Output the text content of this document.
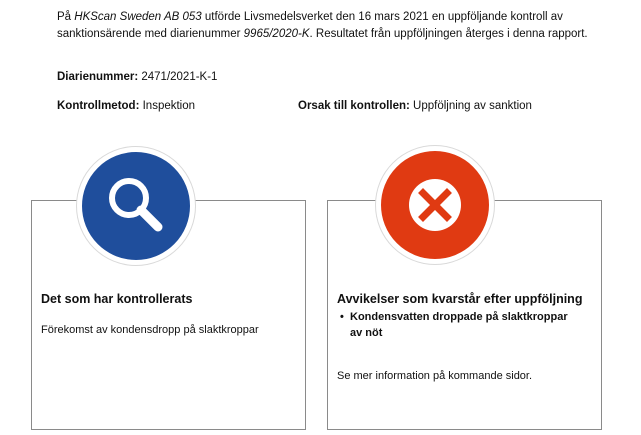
På HKScan Sweden AB 053 utförde Livsmedelsverket den 16 mars 2021 en uppföljande kontroll av sanktionsärende med diarienummer 9965/2020-K. Resultatet från uppföljningen återges i denna rapport.
Diarienummer: 2471/2021-K-1
Kontrollmetod: Inspektion	Orsak till kontrollen: Uppföljning av sanktion
Det som har kontrollerats
Förekomst av kondensdropp på slaktkroppar
Avvikelser som kvarstår efter uppföljning
• Kondensvatten droppade på slaktkroppar av nöt
Se mer information på kommande sidor.
